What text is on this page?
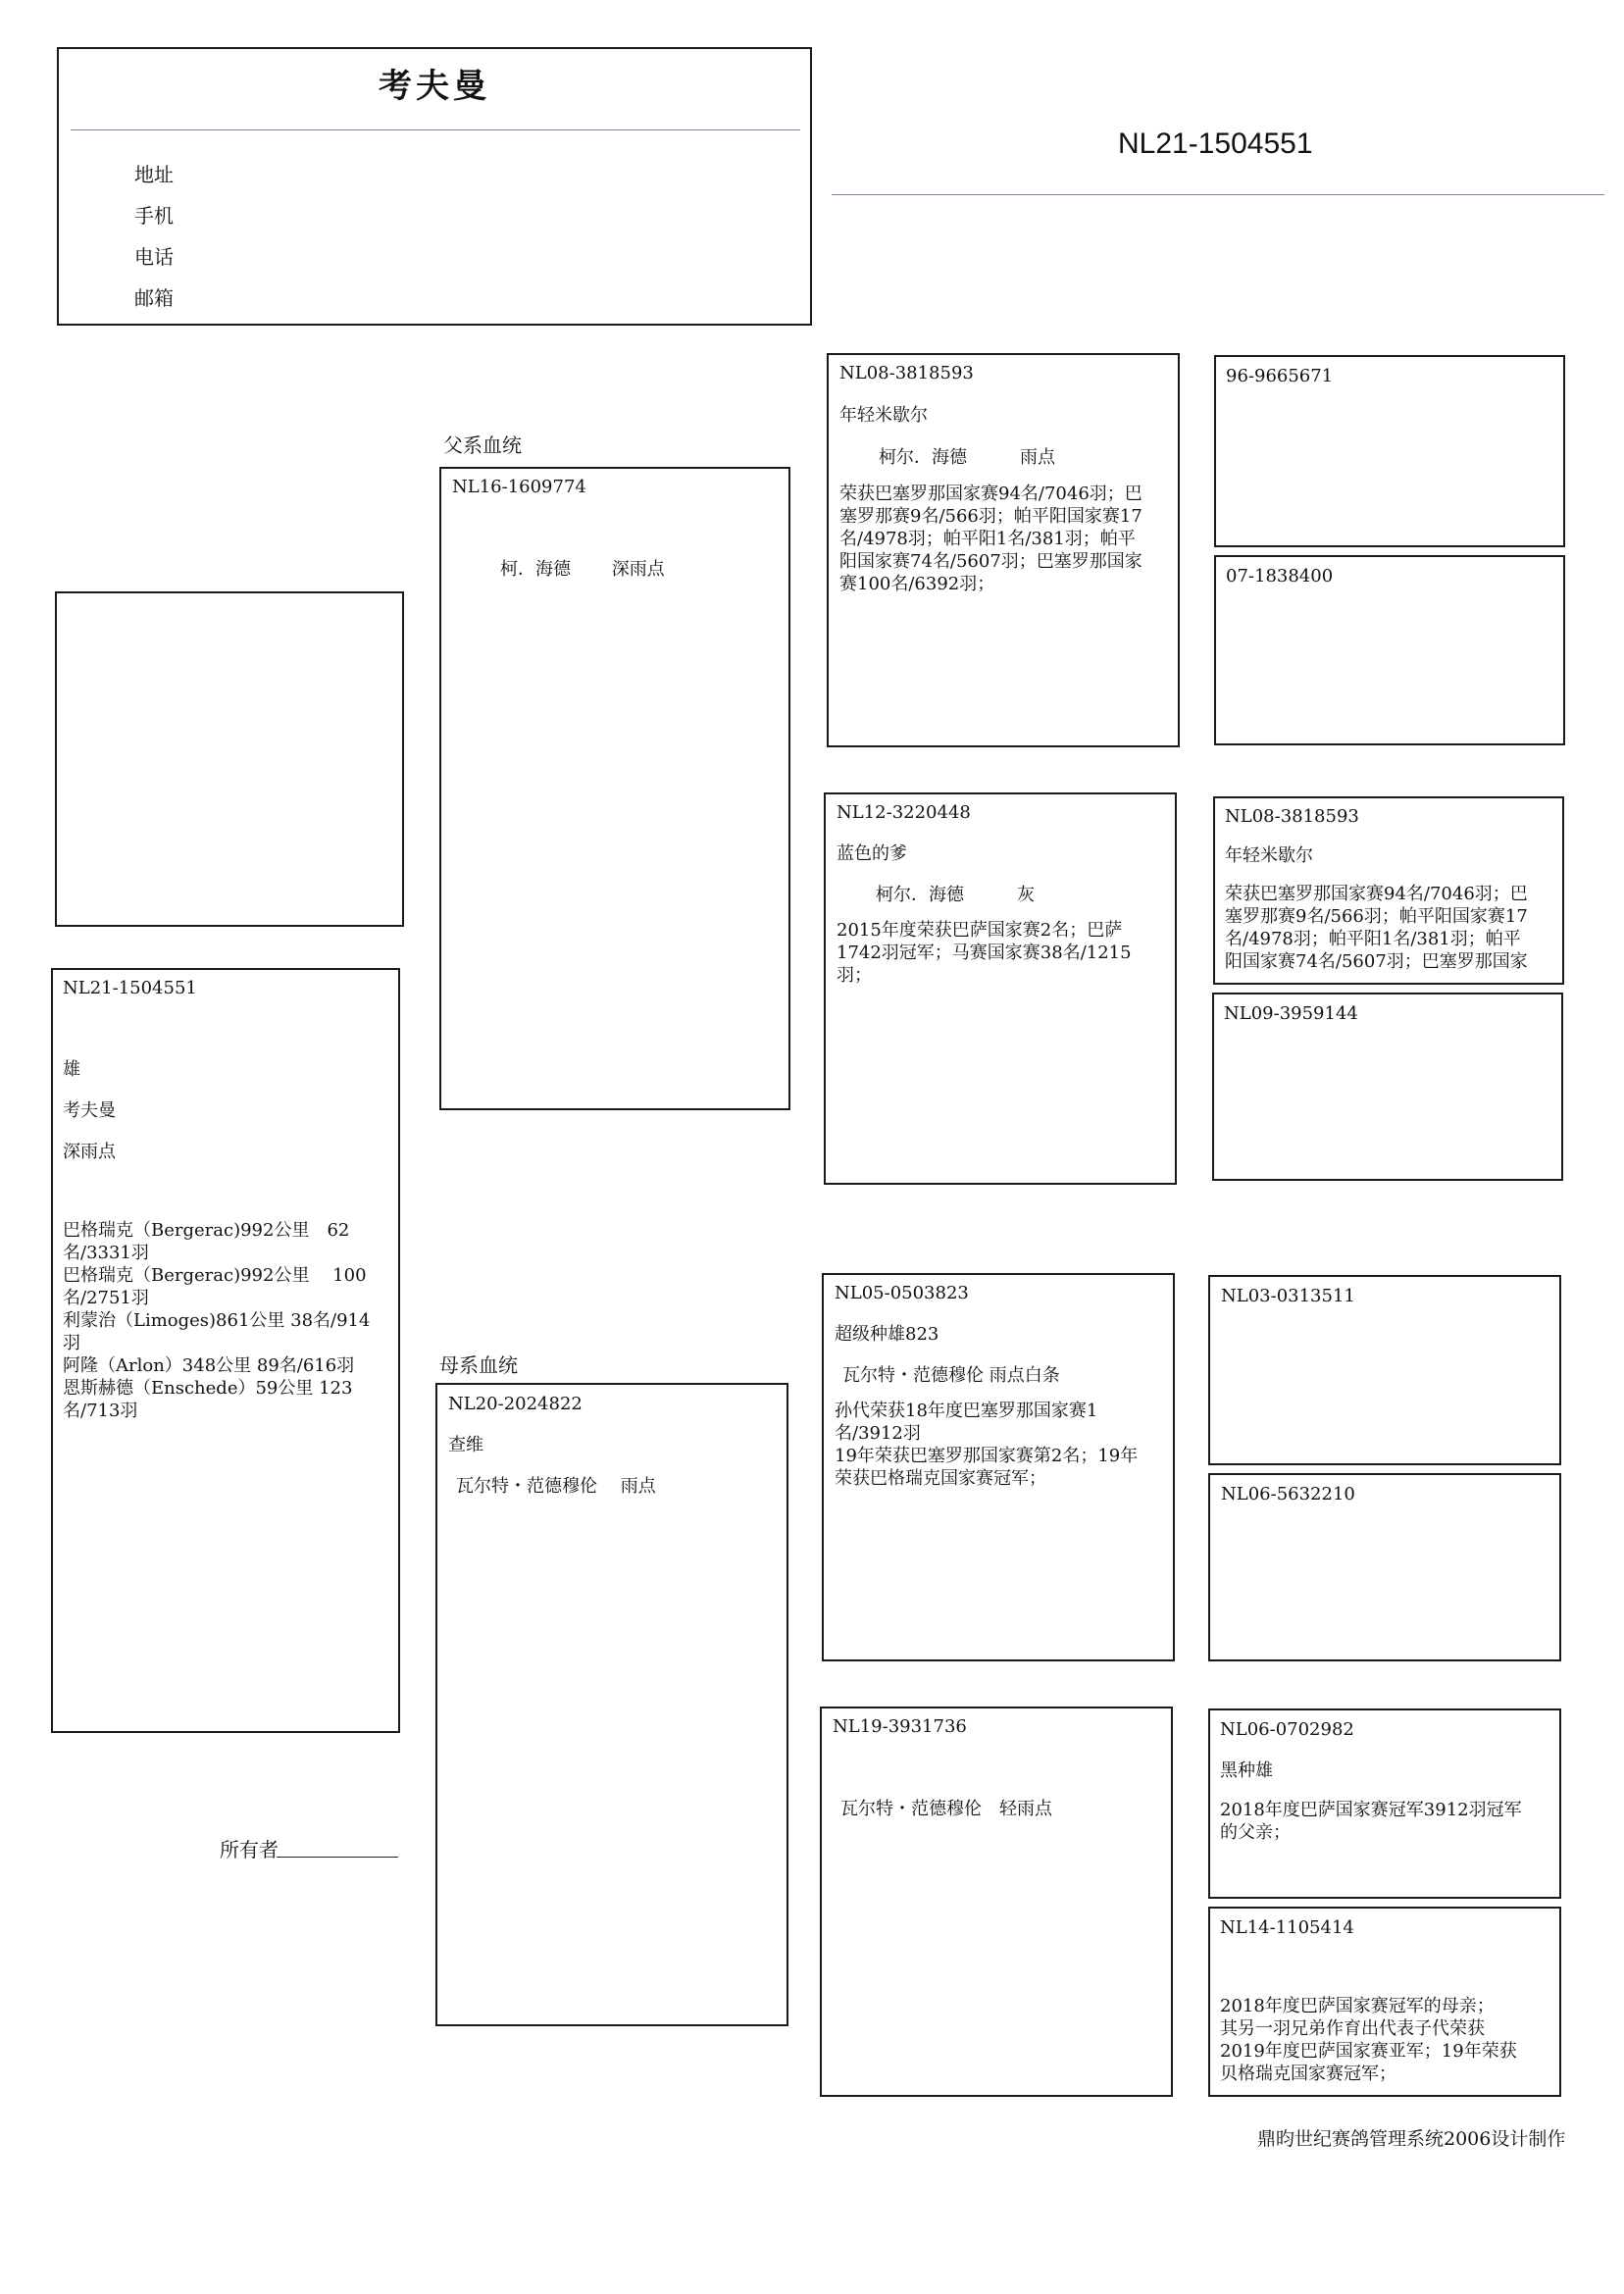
考夫曼
地址
手机
电话
邮箱
NL21-1504551
NL21-1504551
雄
考夫曼
深雨点
巴格瑞克（Bergerac)992公里　62
名/3331羽
巴格瑞克（Bergerac)992公里　 100
名/2751羽
利蒙治（Limoges)861公里 38名/914
羽
阿隆（Arlon）348公里 89名/616羽
恩斯赫德（Enschede）59公里 123
名/713羽
所有者
父系血统
NL16-1609774
柯．海德　　 深雨点
母系血统
NL20-2024822
查维
瓦尔特・范德穆伦　 雨点
NL08-3818593
年轻米歇尔
柯尔．海德　　　雨点
荣获巴塞罗那国家赛94名/7046羽；巴
塞罗那赛9名/566羽；帕平阳国家赛17
名/4978羽；帕平阳1名/381羽；帕平
阳国家赛74名/5607羽；巴塞罗那国家
赛100名/6392羽；
NL12-3220448
蓝色的爹
柯尔．海德　　　灰
2015年度荣获巴萨国家赛2名；巴萨
1742羽冠军；马赛国家赛38名/1215
羽；
NL05-0503823
超级种雄823
瓦尔特・范德穆伦 雨点白条
孙代荣获18年度巴塞罗那国家赛1
名/3912羽
19年荣获巴塞罗那国家赛第2名；19年
荣获巴格瑞克国家赛冠军；
NL19-3931736
瓦尔特・范德穆伦　轻雨点
96-9665671
07-1838400
NL08-3818593
年轻米歇尔
荣获巴塞罗那国家赛94名/7046羽；巴
塞罗那赛9名/566羽；帕平阳国家赛17
名/4978羽；帕平阳1名/381羽；帕平
阳国家赛74名/5607羽；巴塞罗那国家
NL09-3959144
NL03-0313511
NL06-5632210
NL06-0702982
黑种雄
2018年度巴萨国家赛冠军3912羽冠军
的父亲；
NL14-1105414
2018年度巴萨国家赛冠军的母亲；
其另一羽兄弟作育出代表子代荣获
2019年度巴萨国家赛亚军；19年荣获
贝格瑞克国家赛冠军；
鼎昀世纪赛鸽管理系统2006设计制作
